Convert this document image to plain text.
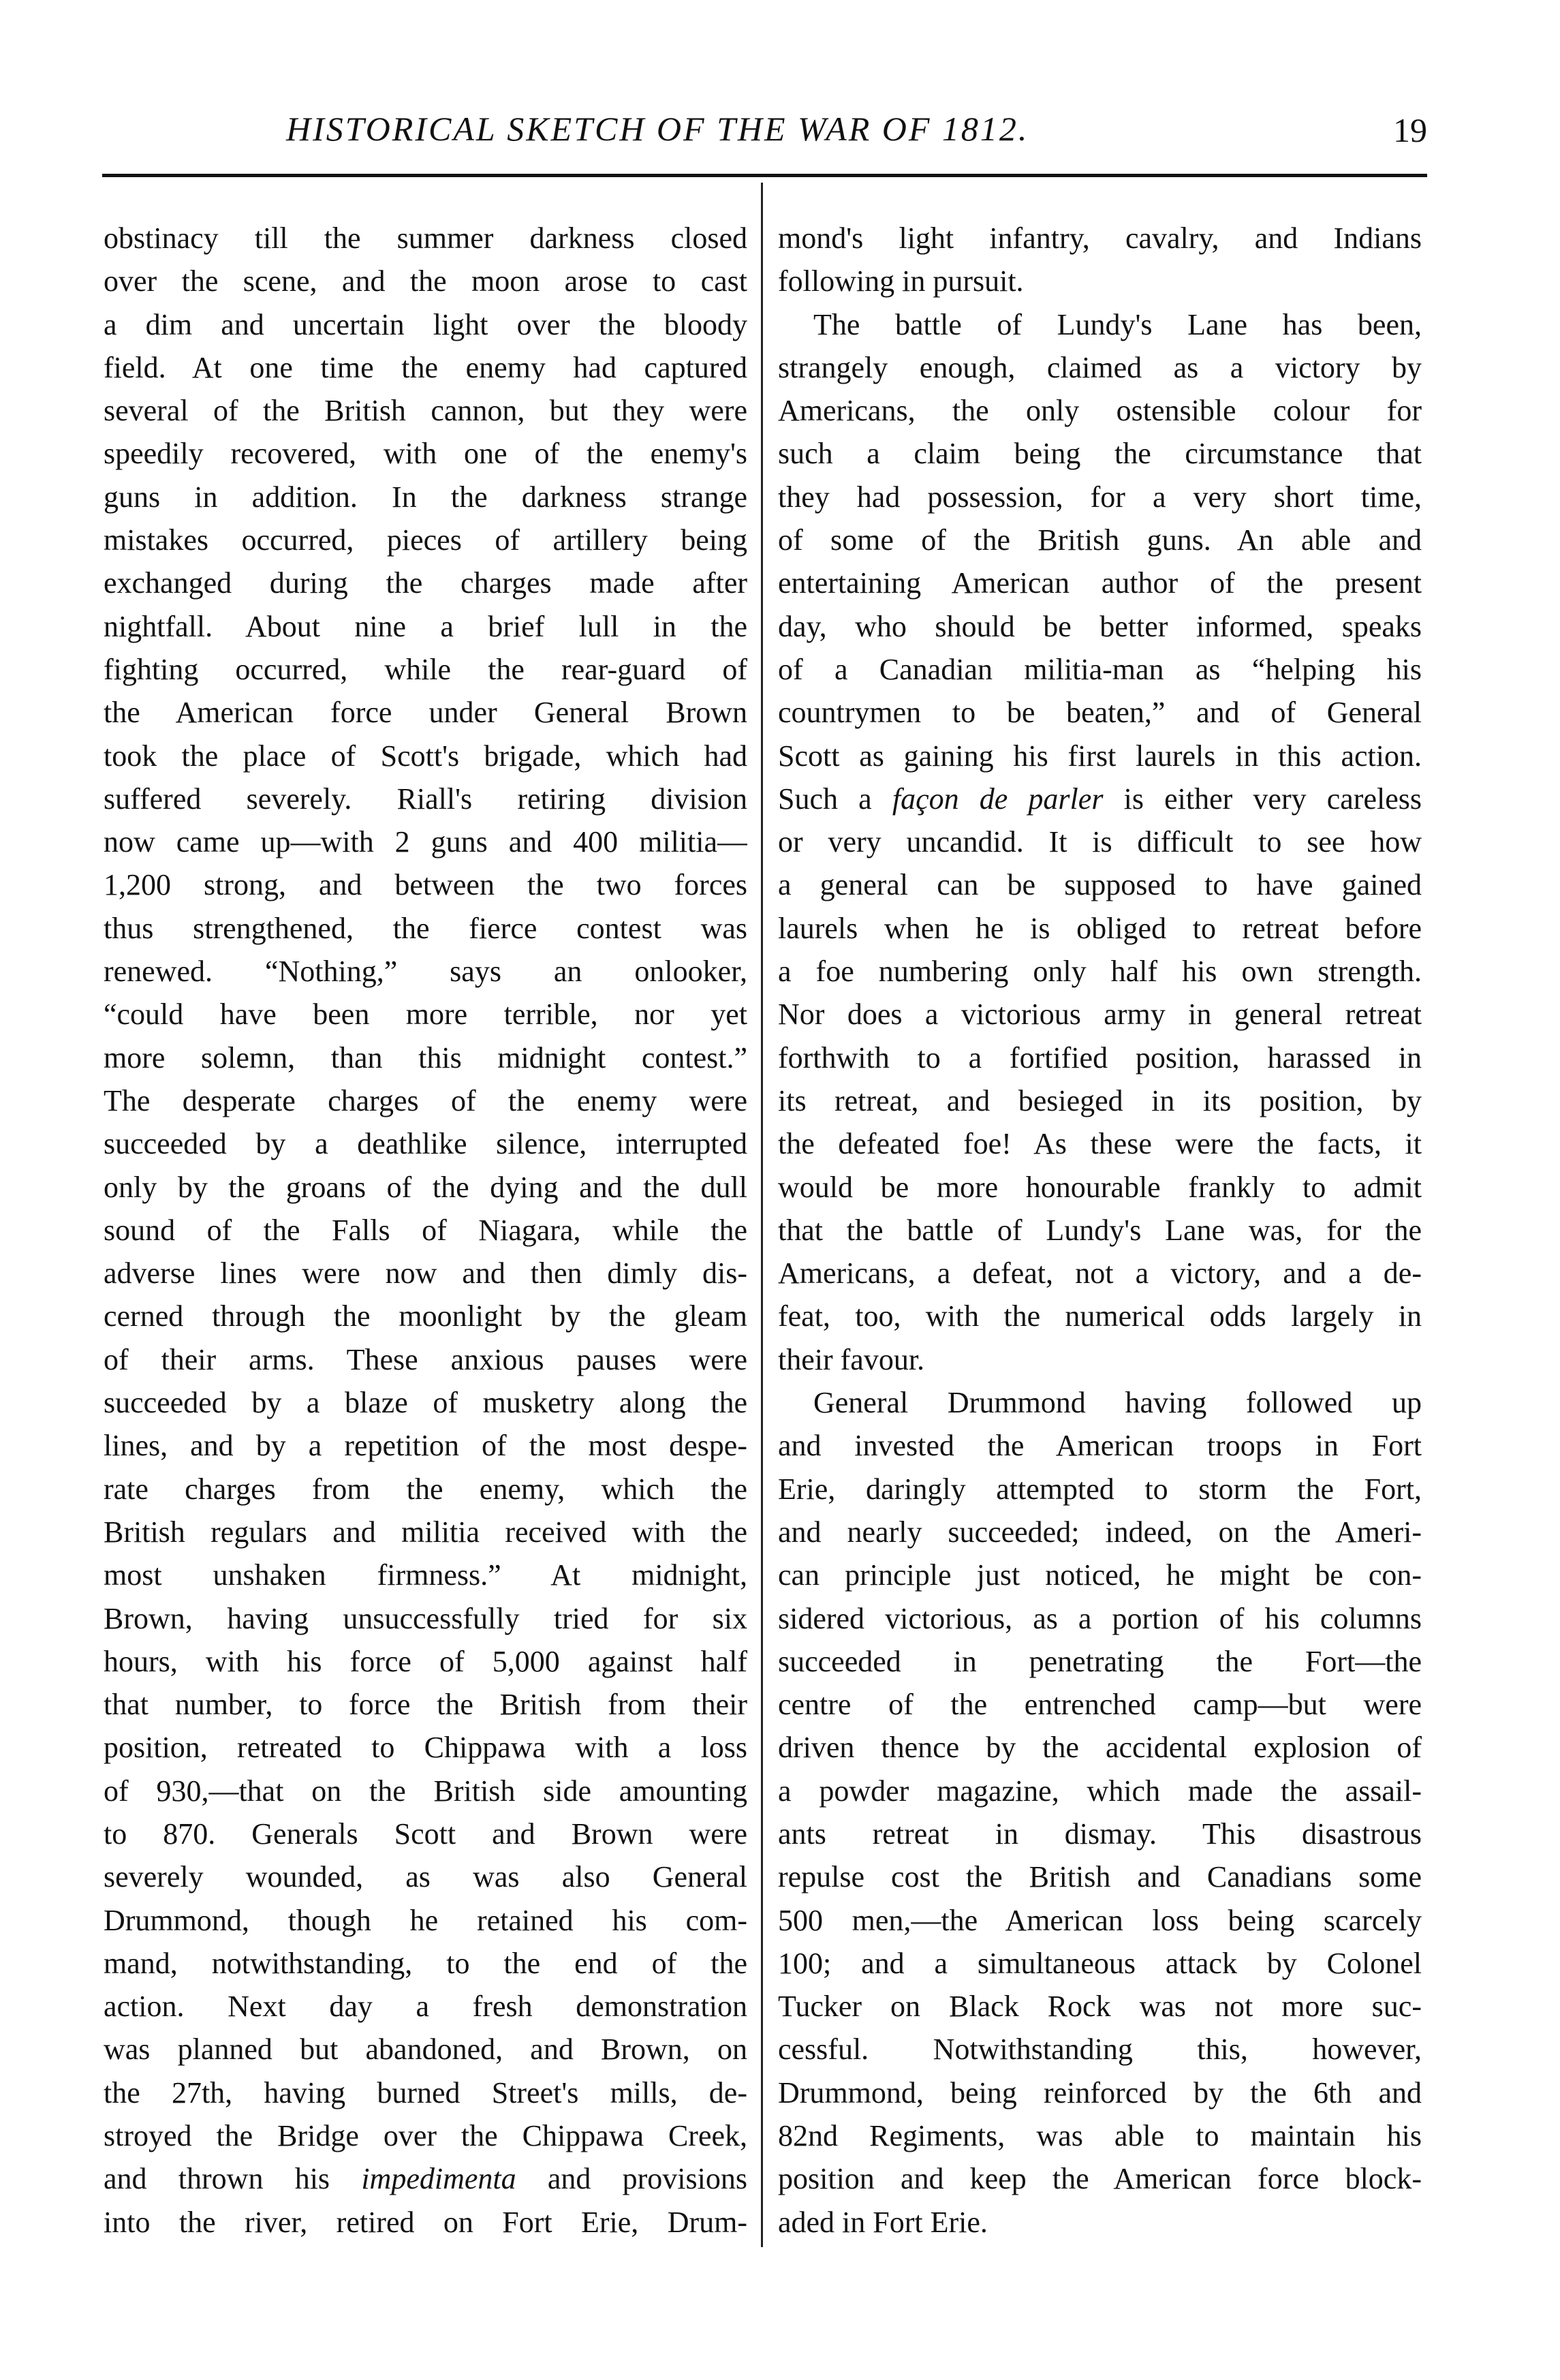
HISTORICAL SKETCH OF THE WAR OF 1812.	19
obstinacy till the summer darkness closed
over the scene, and the moon arose to cast
a dim and uncertain light over the bloody
field. At one time the enemy had captured
several of the British cannon, but they were
speedily recovered, with one of the enemy's
guns in addition. In the darkness strange
mistakes occurred, pieces of artillery being
exchanged during the charges made after
nightfall. About nine a brief lull in the
fighting occurred, while the rear-guard of
the American force under General Brown
took the place of Scott's brigade, which had
suffered severely. Riall's retiring division
now came up—with 2 guns and 400 militia—
1,200 strong, and between the two forces
thus strengthened, the fierce contest was
renewed. “Nothing,” says an onlooker,
“could have been more terrible, nor yet
more solemn, than this midnight contest.”
The desperate charges of the enemy were
succeeded by a deathlike silence, interrupted
only by the groans of the dying and the dull
sound of the Falls of Niagara, while the
adverse lines were now and then dimly dis-
cerned through the moonlight by the gleam
of their arms. These anxious pauses were
succeeded by a blaze of musketry along the
lines, and by a repetition of the most despe-
rate charges from the enemy, which the
British regulars and militia received with the
most unshaken firmness.” At midnight,
Brown, having unsuccessfully tried for six
hours, with his force of 5,000 against half
that number, to force the British from their
position, retreated to Chippawa with a loss
of 930,—that on the British side amounting
to 870. Generals Scott and Brown were
severely wounded, as was also General
Drummond, though he retained his com-
mand, notwithstanding, to the end of the
action. Next day a fresh demonstration
was planned but abandoned, and Brown, on
the 27th, having burned Street's mills, de-
stroyed the Bridge over the Chippawa Creek,
and thrown his impedimenta and provisions
into the river, retired on Fort Erie, Drum-
mond's light infantry, cavalry, and Indians
following in pursuit.
The battle of Lundy's Lane has been,
strangely enough, claimed as a victory by
Americans, the only ostensible colour for
such a claim being the circumstance that
they had possession, for a very short time,
of some of the British guns. An able and
entertaining American author of the present
day, who should be better informed, speaks
of a Canadian militia-man as “helping his
countrymen to be beaten,” and of General
Scott as gaining his first laurels in this action.
Such a façon de parler is either very careless
or very uncandid. It is difficult to see how
a general can be supposed to have gained
laurels when he is obliged to retreat before
a foe numbering only half his own strength.
Nor does a victorious army in general retreat
forthwith to a fortified position, harassed in
its retreat, and besieged in its position, by
the defeated foe! As these were the facts, it
would be more honourable frankly to admit
that the battle of Lundy's Lane was, for the
Americans, a defeat, not a victory, and a de-
feat, too, with the numerical odds largely in
their favour.
General Drummond having followed up
and invested the American troops in Fort
Erie, daringly attempted to storm the Fort,
and nearly succeeded; indeed, on the Ameri-
can principle just noticed, he might be con-
sidered victorious, as a portion of his columns
succeeded in penetrating the Fort—the
centre of the entrenched camp—but were
driven thence by the accidental explosion of
a powder magazine, which made the assail-
ants retreat in dismay. This disastrous
repulse cost the British and Canadians some
500 men,—the American loss being scarcely
100; and a simultaneous attack by Colonel
Tucker on Black Rock was not more suc-
cessful. Notwithstanding this, however,
Drummond, being reinforced by the 6th and
82nd Regiments, was able to maintain his
position and keep the American force block-
aded in Fort Erie.
